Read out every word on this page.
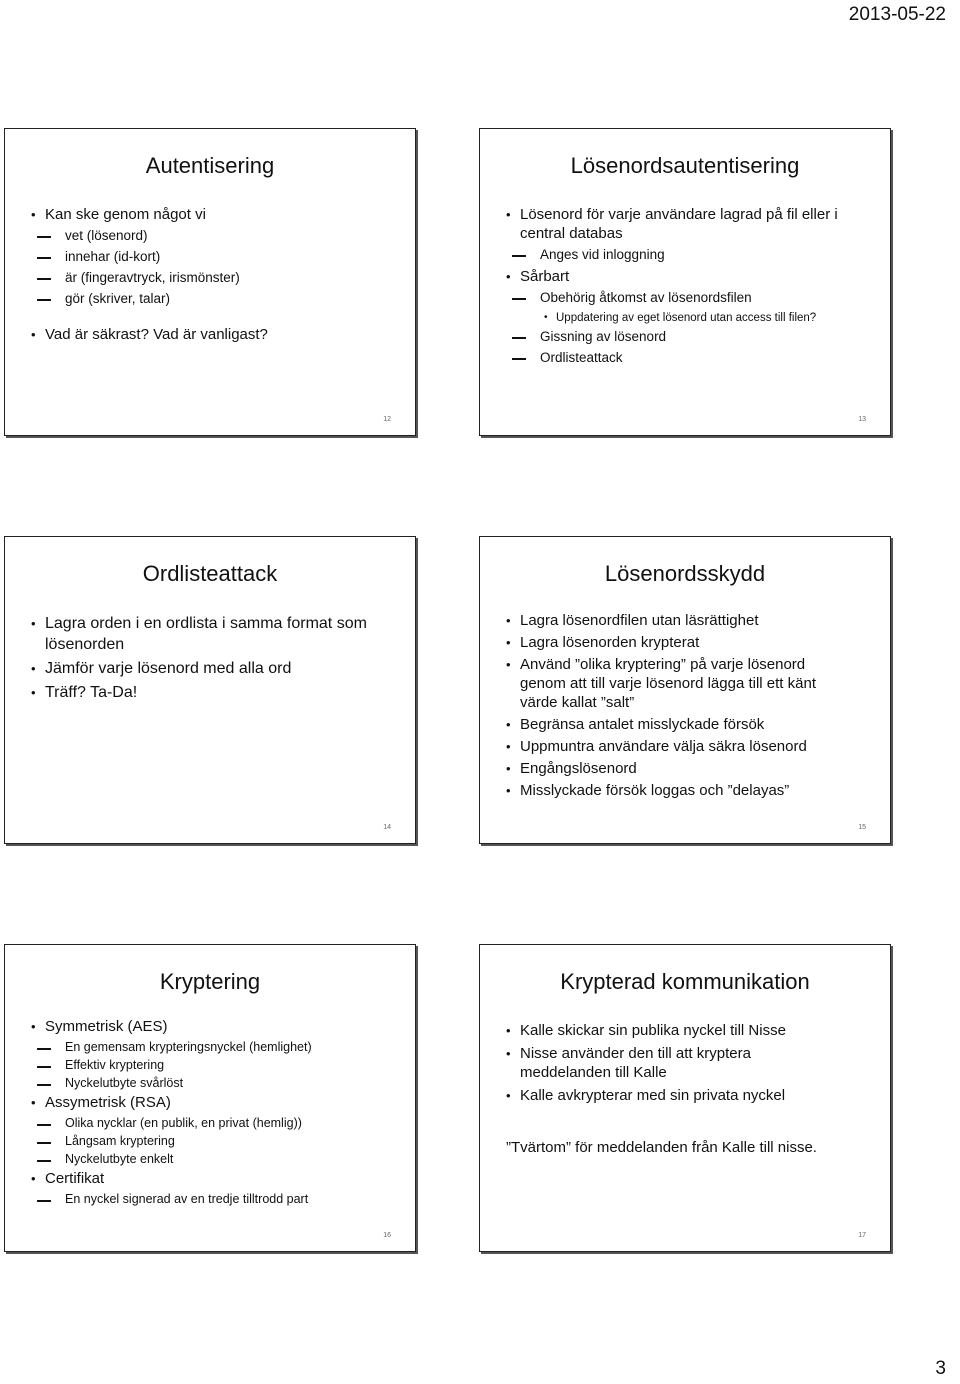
2013-05-22
Autentisering
• Kan ske genom något vi
vet (lösenord)
innehar (id-kort)
är (fingeravtryck, irismönster)
gör (skriver, talar)
• Vad är säkrast? Vad är vanligast?
12
Lösenordsautentisering
• Lösenord för varje användare lagrad på fil eller i central databas
Anges vid inloggning
• Sårbart
Obehörig åtkomst av lösenordsfilen
• Uppdatering av eget lösenord utan access till filen?
Gissning av lösenord
Ordlisteattack
13
Ordlisteattack
• Lagra orden i en ordlista i samma format som lösenorden
• Jämför varje lösenord med alla ord
• Träff? Ta-Da!
14
Lösenordsskydd
• Lagra lösenordfilen utan läsrättighet
• Lagra lösenorden krypterat
• Använd ”olika kryptering” på varje lösenord genom att till varje lösenord lägga till ett känt värde kallat ”salt”
• Begränsa antalet misslyckade försök
• Uppmuntra användare välja säkra lösenord
• Engångslösenord
• Misslyckade försök loggas och ”delayas”
15
Kryptering
• Symmetrisk (AES)
En gemensam krypteringsnyckel (hemlighet)
Effektiv kryptering
Nyckelutbyte svårlöst
• Assymetrisk (RSA)
Olika nycklar (en publik, en privat (hemlig))
Långsam kryptering
Nyckelutbyte enkelt
• Certifikat
En nyckel signerad av en tredje tilltrodd part
16
Krypterad kommunikation
• Kalle skickar sin publika nyckel till Nisse
• Nisse använder den till att kryptera meddelanden till Kalle
• Kalle avkrypterar med sin privata nyckel
”Tvärtom” för meddelanden från Kalle till nisse.
17
3
